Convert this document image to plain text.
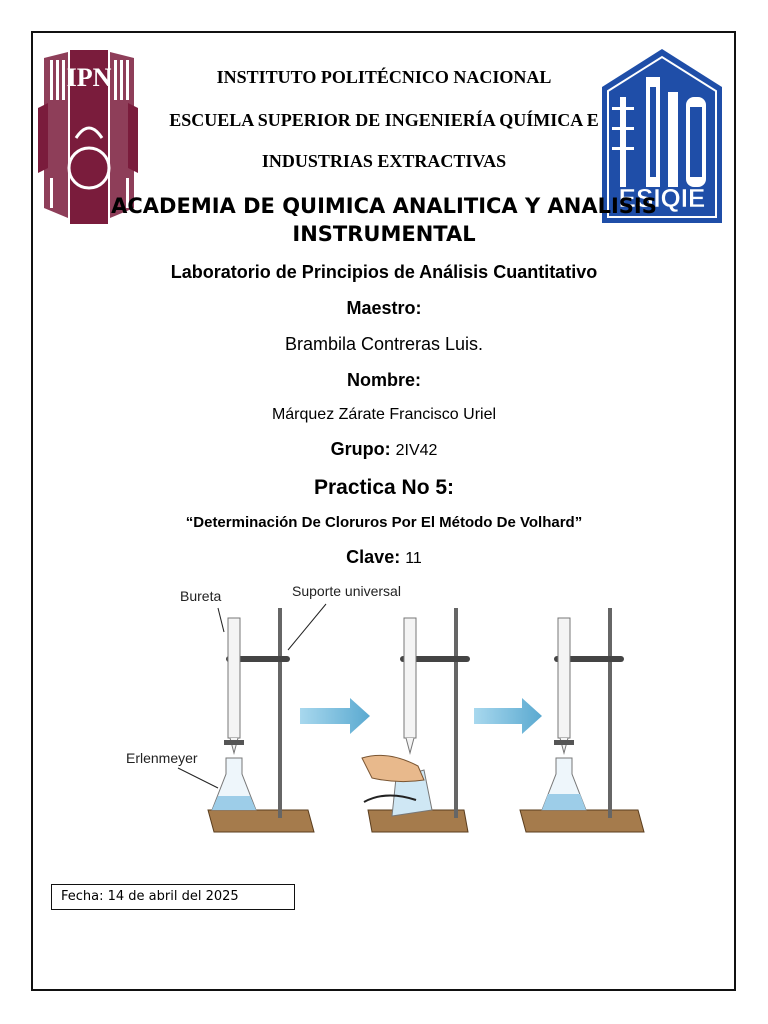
IPN
ESIQIE
INSTITUTO POLITÉCNICO NACIONAL
ESCUELA SUPERIOR DE INGENIERÍA QUÍMICA E
INDUSTRIAS EXTRACTIVAS
ACADEMIA DE QUIMICA ANALITICA Y ANALISIS
INSTRUMENTAL
Laboratorio de Principios de Análisis Cuantitativo
Maestro:
Brambila Contreras Luis.
Nombre:
Márquez Zárate Francisco Uriel
Grupo: 2IV42
Practica No 5:
“Determinación De Cloruros Por El Método De Volhard”
Clave: 11
Bureta	Suporte universal
Erlenmeyer
Fecha: 14 de abril del 2025
